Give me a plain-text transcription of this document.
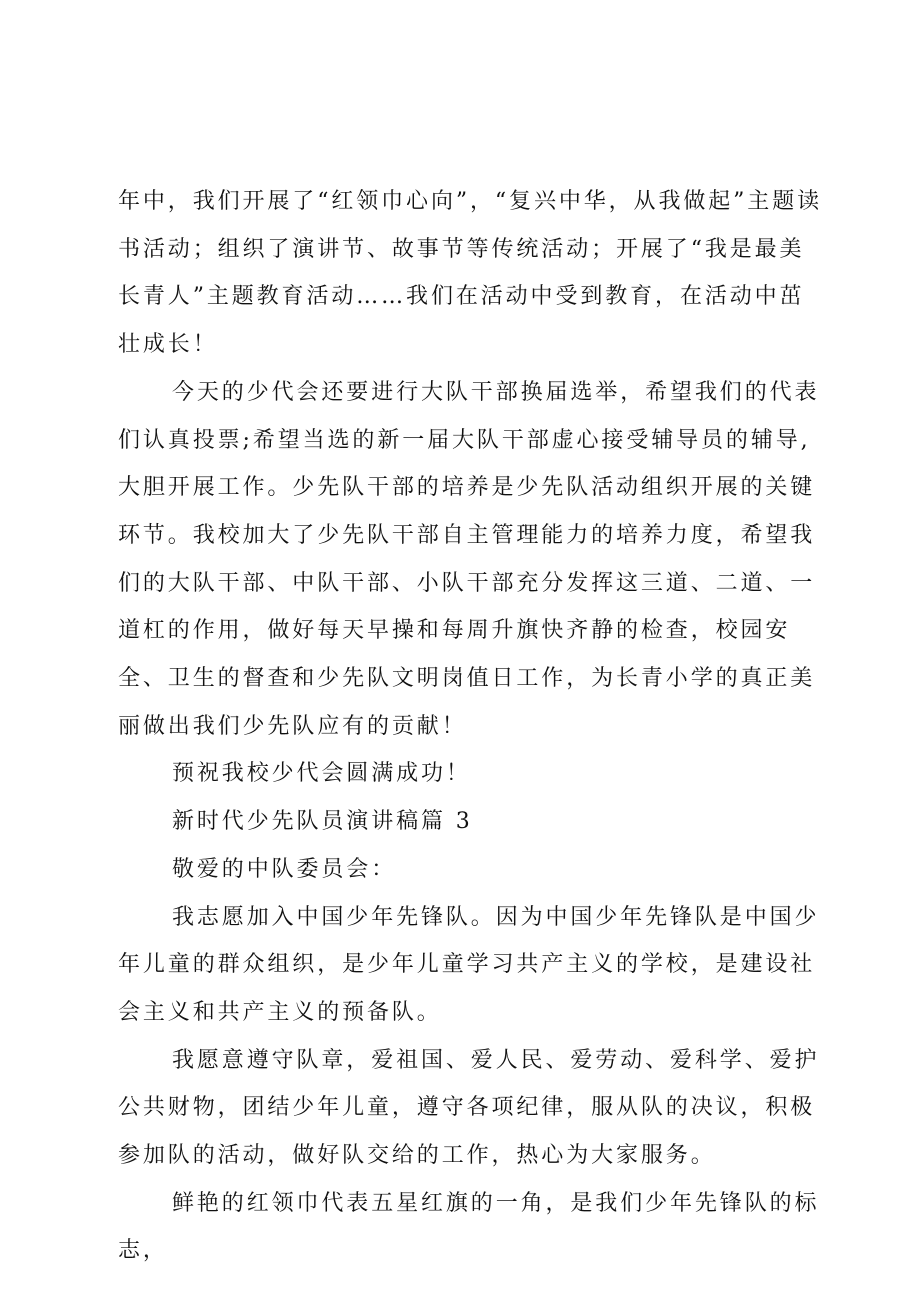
年中，我们开展了“红领巾心向”，“复兴中华，从我做起”主题读书活动；组织了演讲节、故事节等传统活动；开展了“我是最美长青人”主题教育活动……我们在活动中受到教育，在活动中茁壮成长！

今天的少代会还要进行大队干部换届选举，希望我们的代表们认真投票;希望当选的新一届大队干部虚心接受辅导员的辅导,大胆开展工作。少先队干部的培养是少先队活动组织开展的关键环节。我校加大了少先队干部自主管理能力的培养力度，希望我们的大队干部、中队干部、小队干部充分发挥这三道、二道、一道杠的作用，做好每天早操和每周升旗快齐静的检查，校园安全、卫生的督查和少先队文明岗值日工作，为长青小学的真正美丽做出我们少先队应有的贡献！

预祝我校少代会圆满成功！

新时代少先队员演讲稿篇 3

敬爱的中队委员会：

我志愿加入中国少年先锋队。因为中国少年先锋队是中国少年儿童的群众组织，是少年儿童学习共产主义的学校，是建设社会主义和共产主义的预备队。

我愿意遵守队章，爱祖国、爱人民、爱劳动、爱科学、爱护公共财物，团结少年儿童，遵守各项纪律，服从队的决议，积极参加队的活动，做好队交给的工作，热心为大家服务。

鲜艳的红领巾代表五星红旗的一角，是我们少年先锋队的标志，
